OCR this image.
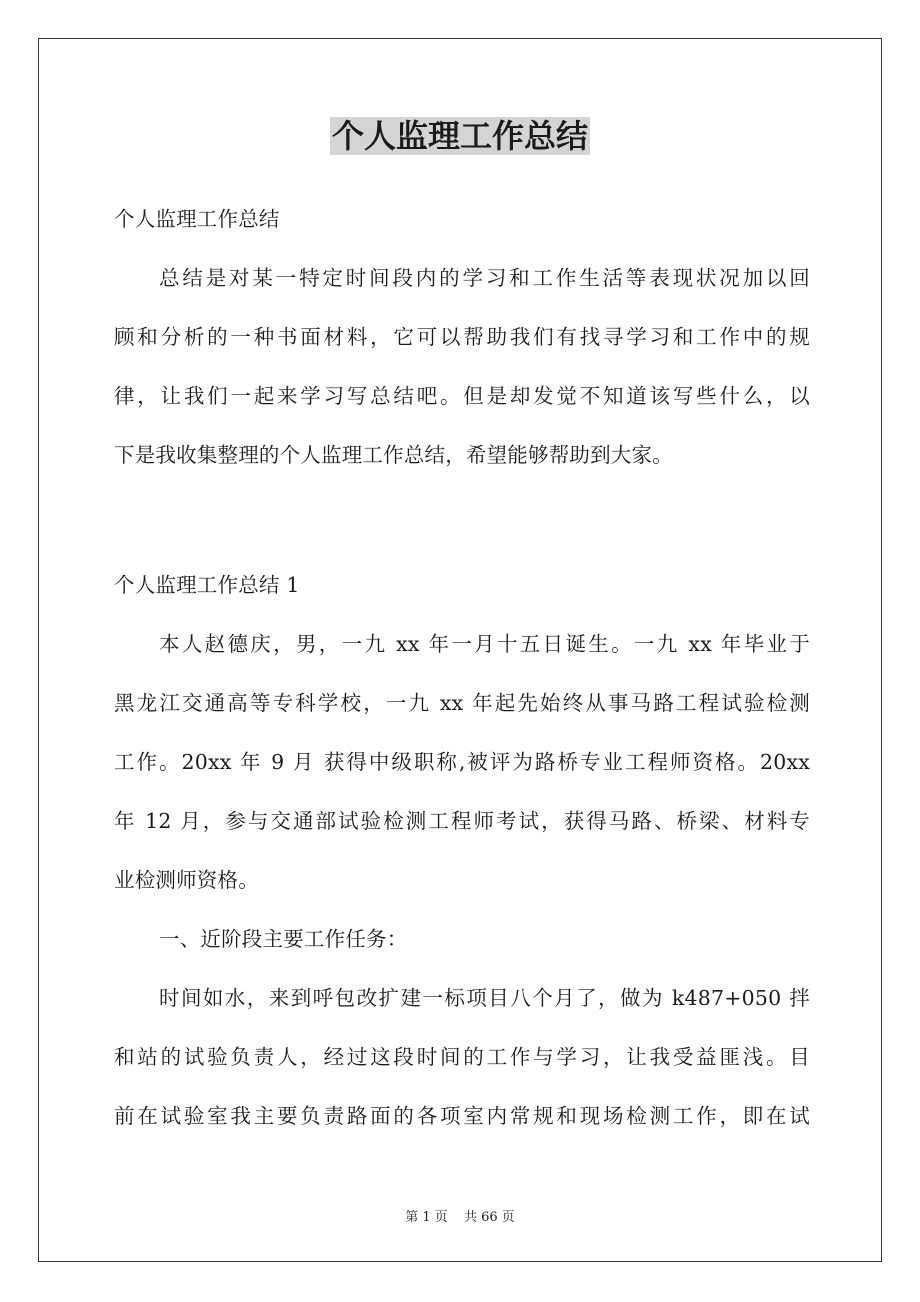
个人监理工作总结
个人监理工作总结
总结是对某一特定时间段内的学习和工作生活等表现状况加以回
顾和分析的一种书面材料，它可以帮助我们有找寻学习和工作中的规
律，让我们一起来学习写总结吧。但是却发觉不知道该写些什么，以
下是我收集整理的个人监理工作总结，希望能够帮助到大家。
个人监理工作总结 1
本人赵德庆，男，一九 xx 年一月十五日诞生。一九 xx 年毕业于
黑龙江交通高等专科学校，一九 xx 年起先始终从事马路工程试验检测
工作。20xx 年 9 月 获得中级职称,被评为路桥专业工程师资格。20xx
年 12 月，参与交通部试验检测工程师考试，获得马路、桥梁、材料专
业检测师资格。
一、近阶段主要工作任务：
时间如水，来到呼包改扩建一标项目八个月了，做为 k487+050 拌
和站的试验负责人，经过这段时间的工作与学习，让我受益匪浅。目
前在试验室我主要负责路面的各项室内常规和现场检测工作，即在试
第 1 页 共 66 页
